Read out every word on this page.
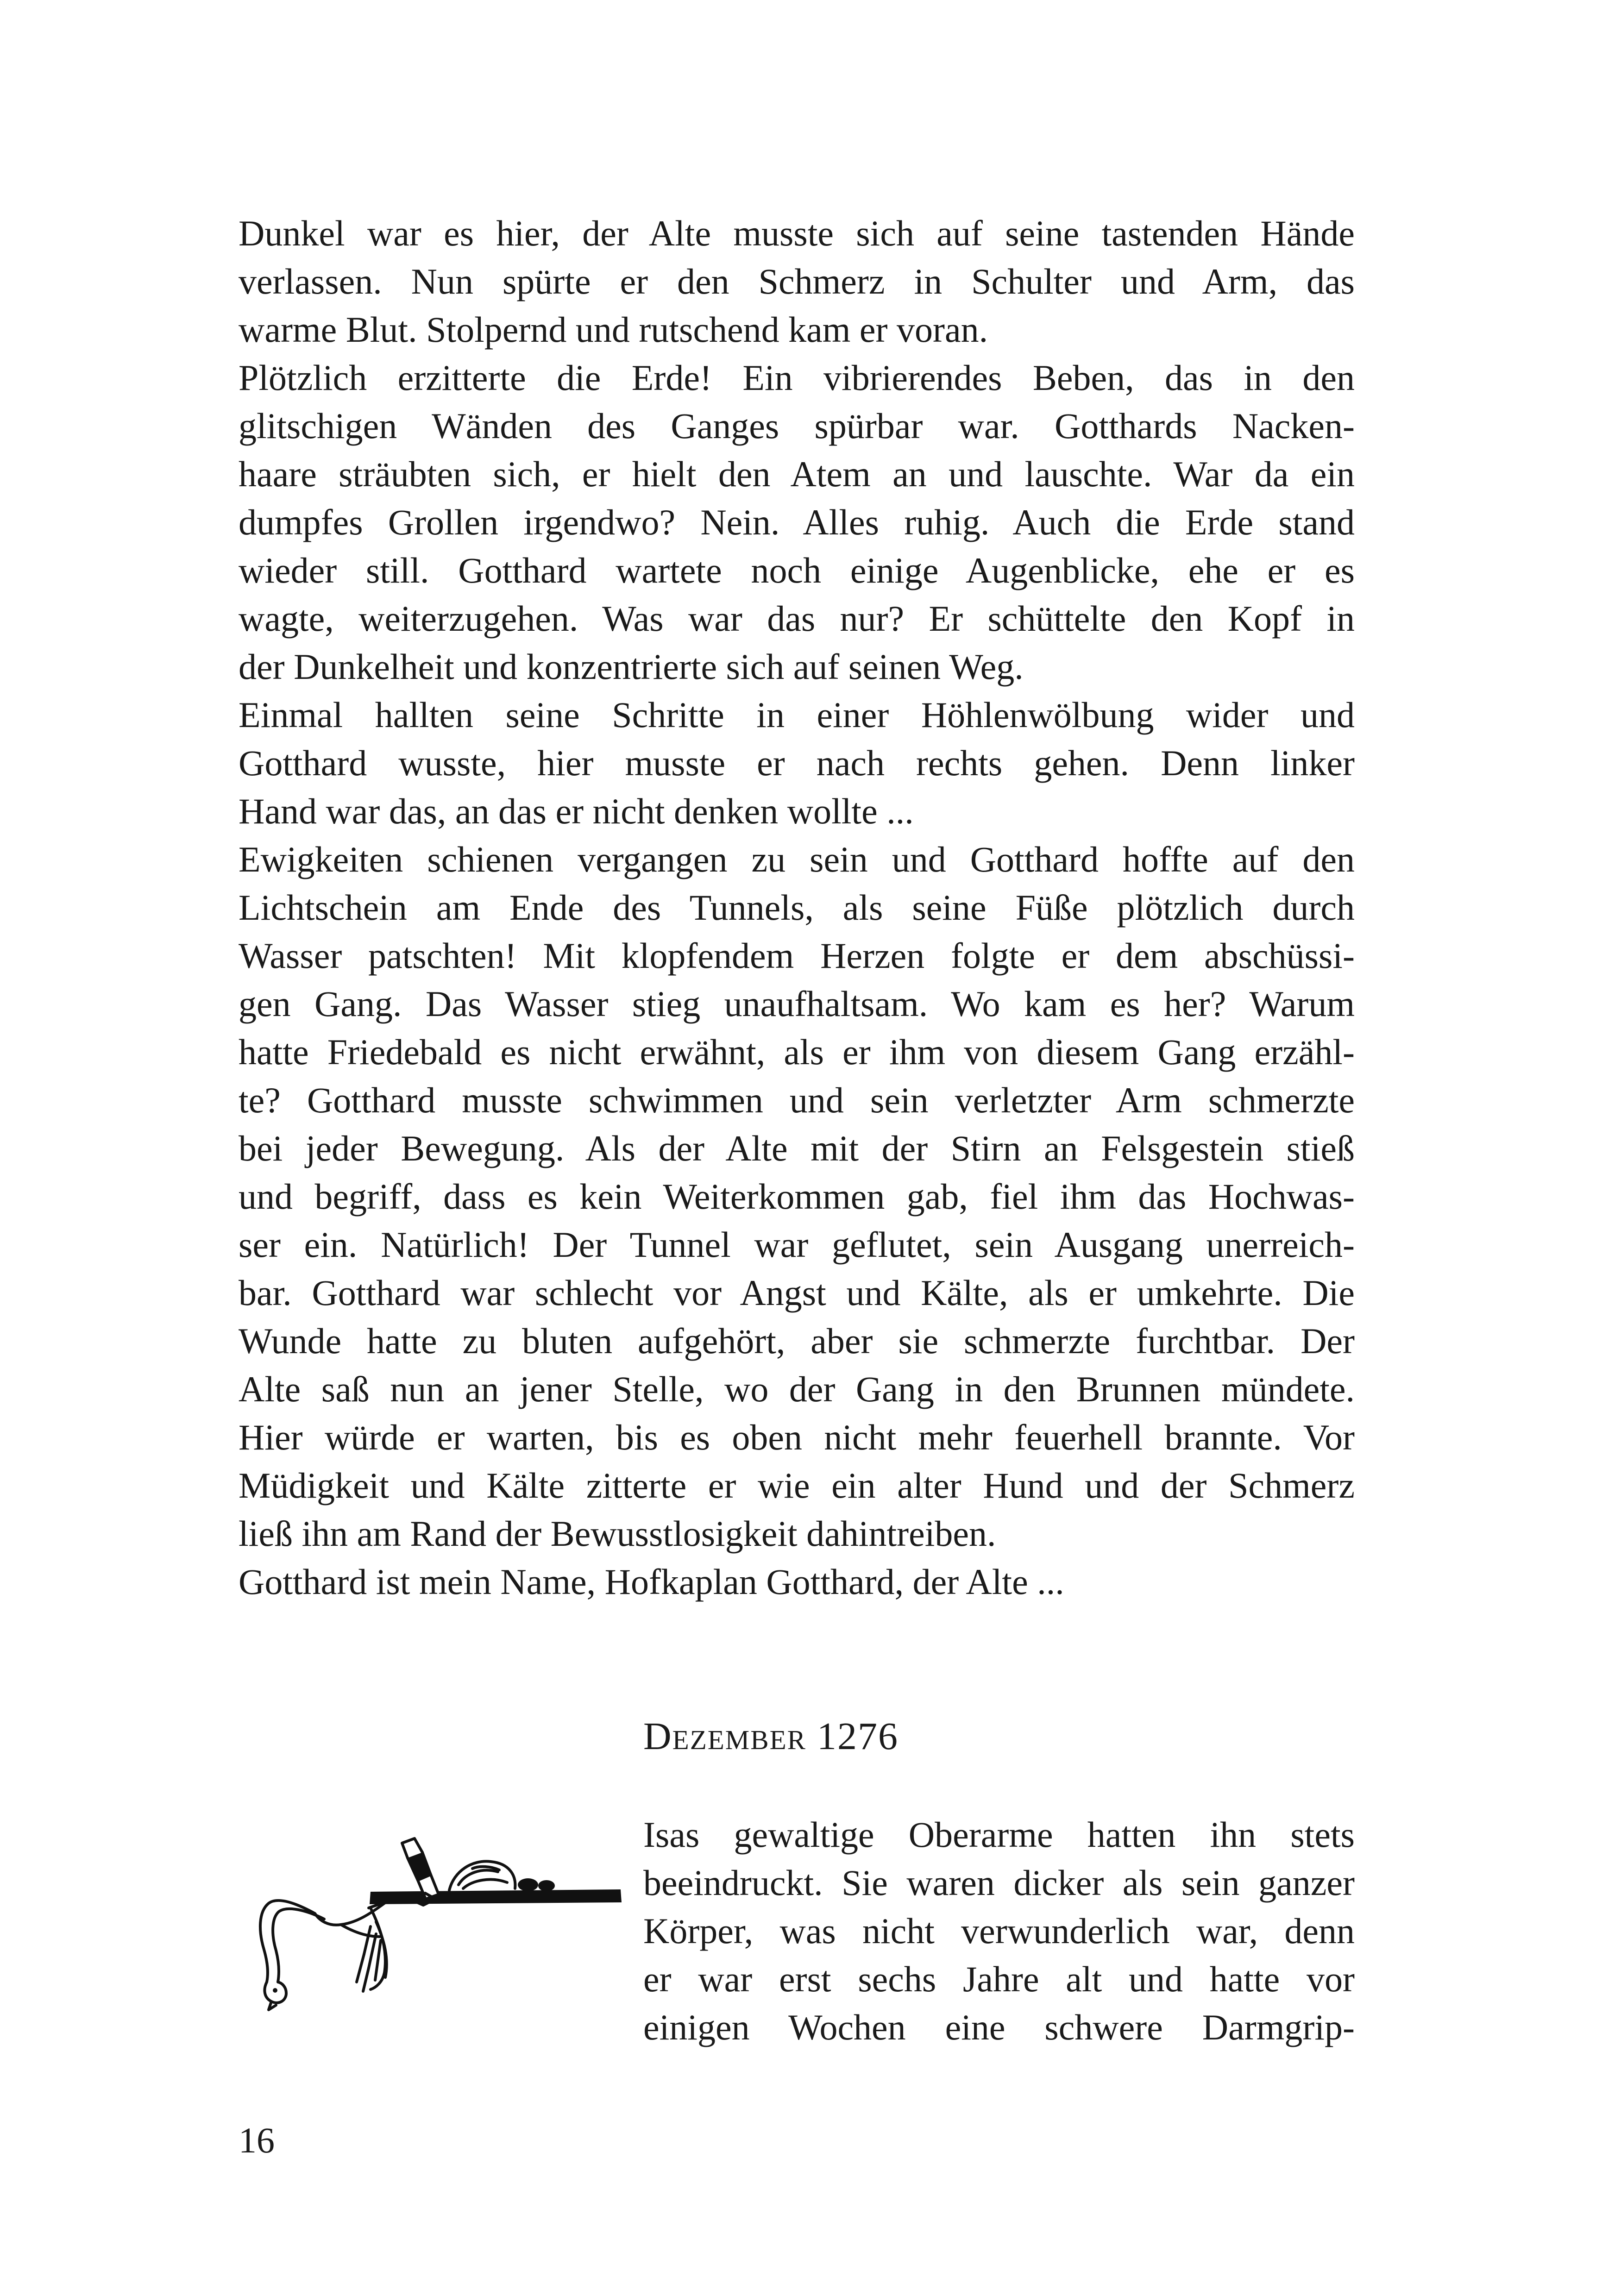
Dunkel war es hier, der Alte musste sich auf seine tastenden Hände
verlassen. Nun spürte er den Schmerz in Schulter und Arm, das
warme Blut. Stolpernd und rutschend kam er voran.
Plötzlich erzitterte die Erde! Ein vibrierendes Beben, das in den
glitschigen Wänden des Ganges spürbar war. Gotthards Nacken-
haare sträubten sich, er hielt den Atem an und lauschte. War da ein
dumpfes Grollen irgendwo? Nein. Alles ruhig. Auch die Erde stand
wieder still. Gotthard wartete noch einige Augenblicke, ehe er es
wagte, weiterzugehen. Was war das nur? Er schüttelte den Kopf in
der Dunkelheit und konzentrierte sich auf seinen Weg.
Einmal hallten seine Schritte in einer Höhlenwölbung wider und
Gotthard wusste, hier musste er nach rechts gehen. Denn linker
Hand war das, an das er nicht denken wollte ...
Ewigkeiten schienen vergangen zu sein und Gotthard hoffte auf den
Lichtschein am Ende des Tunnels, als seine Füße plötzlich durch
Wasser patschten! Mit klopfendem Herzen folgte er dem abschüssi-
gen Gang. Das Wasser stieg unaufhaltsam. Wo kam es her? Warum
hatte Friedebald es nicht erwähnt, als er ihm von diesem Gang erzähl-
te? Gotthard musste schwimmen und sein verletzter Arm schmerzte
bei jeder Bewegung. Als der Alte mit der Stirn an Felsgestein stieß
und begriff, dass es kein Weiterkommen gab, fiel ihm das Hochwas-
ser ein. Natürlich! Der Tunnel war geflutet, sein Ausgang unerreich-
bar. Gotthard war schlecht vor Angst und Kälte, als er umkehrte. Die
Wunde hatte zu bluten aufgehört, aber sie schmerzte furchtbar. Der
Alte saß nun an jener Stelle, wo der Gang in den Brunnen mündete.
Hier würde er warten, bis es oben nicht mehr feuerhell brannte. Vor
Müdigkeit und Kälte zitterte er wie ein alter Hund und der Schmerz
ließ ihn am Rand der Bewusstlosigkeit dahintreiben.
Gotthard ist mein Name, Hofkaplan Gotthard, der Alte ...
Dezember 1276
Isas gewaltige Oberarme hatten ihn stets
beeindruckt. Sie waren dicker als sein ganzer
Körper, was nicht verwunderlich war, denn
er war erst sechs Jahre alt und hatte vor
einigen Wochen eine schwere Darmgrip-
16
